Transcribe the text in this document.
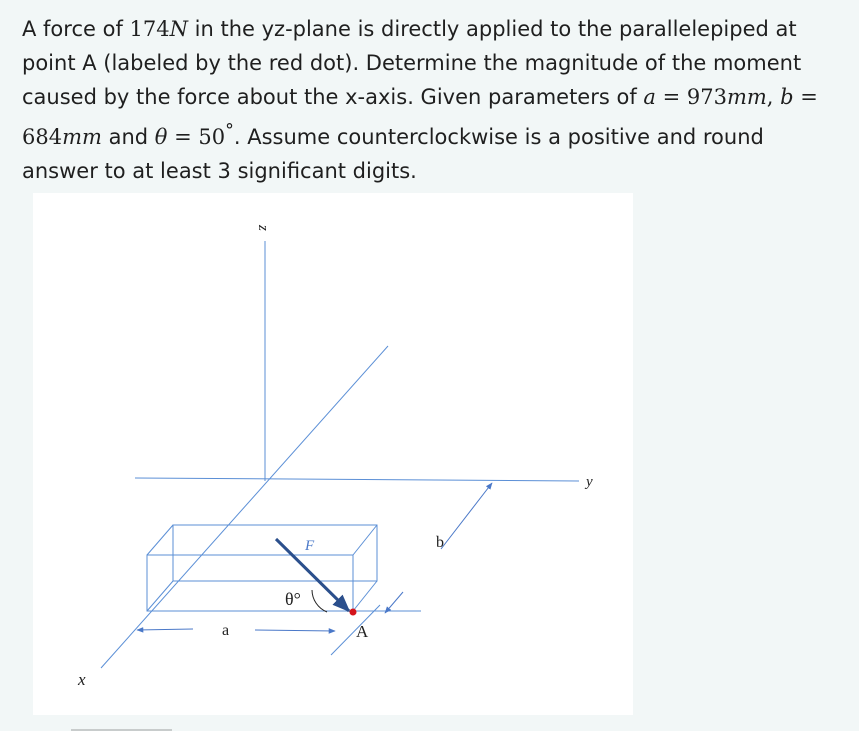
A force of 174N in the yz-plane is directly applied to the parallelepiped at point A (labeled by the red dot). Determine the magnitude of the moment caused by the force about the x-axis. Given parameters of a = 973mm, b = 684mm and θ = 50°. Assume counterclockwise is a positive and round answer to at least 3 significant digits.

a
b
F
θ°
A
z
y
x
